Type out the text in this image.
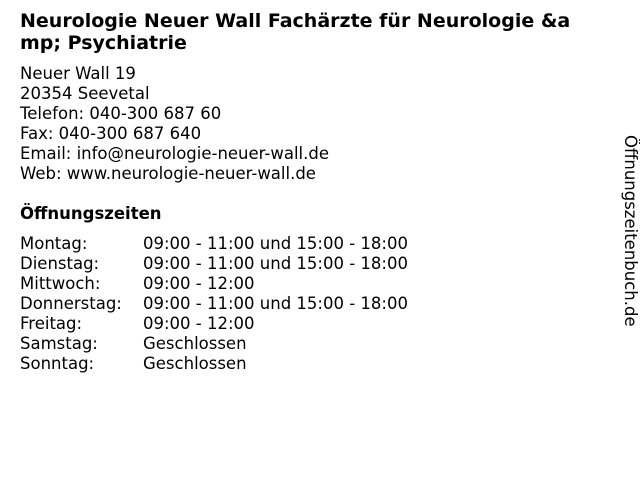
Neurologie Neuer Wall Fachärzte für Neurologie &amp; Psychiatrie
Neuer Wall 19
20354 Seevetal
Telefon: 040-300 687 60
Fax: 040-300 687 640
Email: info@neurologie-neuer-wall.de
Web: www.neurologie-neuer-wall.de
Öffnungszeiten
Montag:	09:00 - 11:00 und 15:00 - 18:00
Dienstag:	09:00 - 11:00 und 15:00 - 18:00
Mittwoch:	09:00 - 12:00
Donnerstag: 09:00 - 11:00 und 15:00 - 18:00
Freitag:	09:00 - 12:00
Samstag:	Geschlossen
Sonntag:	Geschlossen
Öffnungszeitenbuch.de
